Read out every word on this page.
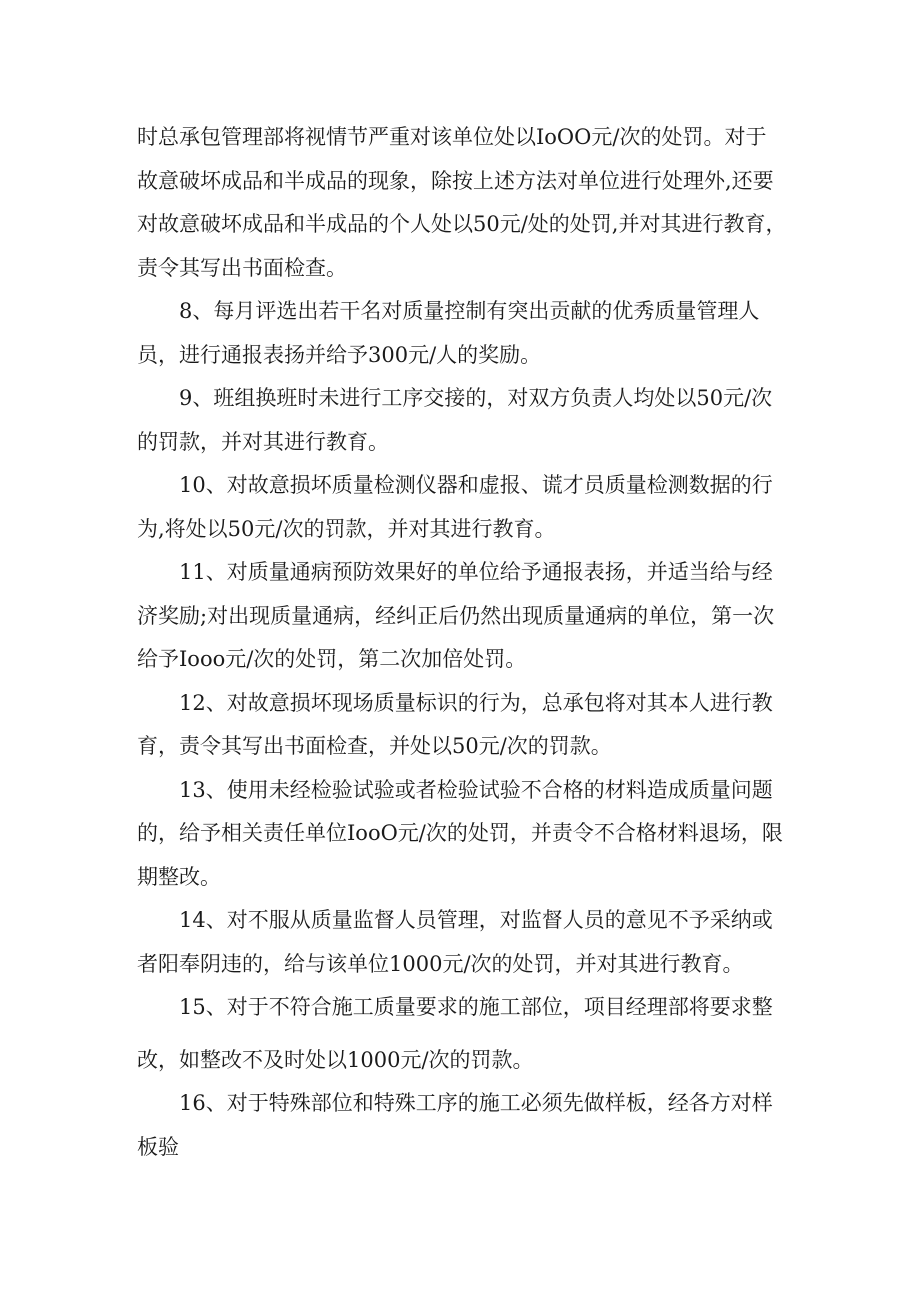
时总承包管理部将视情节严重对该单位处以IoOO元/次的处罚。对于故意破坏成品和半成品的现象，除按上述方法对单位进行处理外,还要对故意破坏成品和半成品的个人处以50元/处的处罚,并对其进行教育，责令其写出书面检查。

8、每月评选出若干名对质量控制有突出贡献的优秀质量管理人员，进行通报表扬并给予300元/人的奖励。

9、班组换班时未进行工序交接的，对双方负责人均处以50元/次的罚款，并对其进行教育。

10、对故意损坏质量检测仪器和虚报、谎才员质量检测数据的行为,将处以50元/次的罚款，并对其进行教育。

11、对质量通病预防效果好的单位给予通报表扬，并适当给与经济奖励;对出现质量通病，经纠正后仍然出现质量通病的单位，第一次给予Iooo元/次的处罚，第二次加倍处罚。

12、对故意损坏现场质量标识的行为，总承包将对其本人进行教育，责令其写出书面检查，并处以50元/次的罚款。

13、使用未经检验试验或者检验试验不合格的材料造成质量问题的，给予相关责任单位IooO元/次的处罚，并责令不合格材料退场，限期整改。

14、对不服从质量监督人员管理，对监督人员的意见不予采纳或者阳奉阴违的，给与该单位1000元/次的处罚，并对其进行教育。

15、对于不符合施工质量要求的施工部位，项目经理部将要求整

改，如整改不及时处以1000元/次的罚款。

16、对于特殊部位和特殊工序的施工必须先做样板，经各方对样板验
